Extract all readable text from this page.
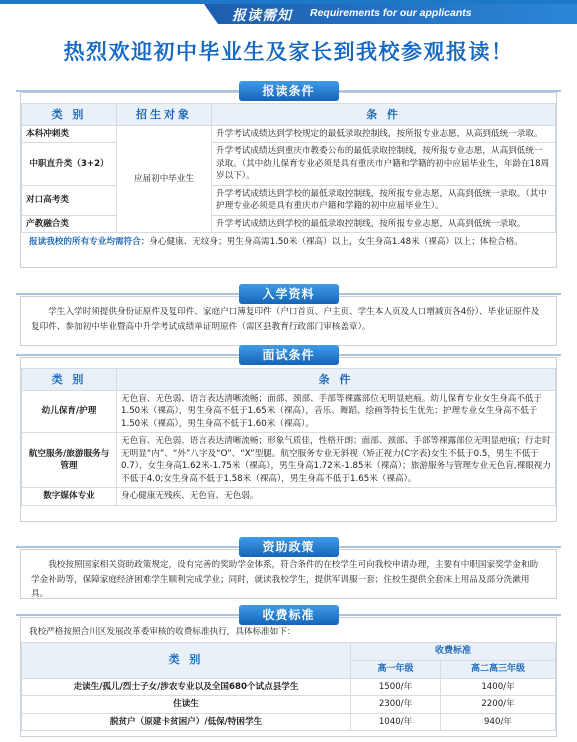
报读需知 Requirements for our applicants
热烈欢迎初中毕业生及家长到我校参观报读！
报读条件
类 别	招生对象	条 件
本科冲刺类	应届初中毕业生	升学考试成绩达到学校规定的最低录取控制线，按所报专业志愿，从高到低统一录取。
中职直升类（3+2）		升学考试成绩达到重庆市教委公布的最低录取控制线，按所报专业志愿，从高到低统一录取。（其中幼儿保育专业必须是具有重庆市户籍和学籍的初中应届毕业生，年龄在18周岁以下）。
对口高考类		升学考试成绩达到学校的最低录取控制线，按所报专业志愿，从高到低统一录取。（其中护理专业必须是具有重庆市户籍和学籍的初中应届毕业生）。
产教融合类		升学考试成绩达到学校的最低录取控制线，按所报专业志愿，从高到低统一录取。
报读我校的所有专业均需符合：身心健康、无纹身；男生身高需1.50米（裸高）以上，女生身高1.48米（裸高）以上；体检合格。
入学资料
学生入学时须提供身份证原件及复印件、家庭户口簿复印件（户口首页、户主页、学生本人页及人口增减页各4份）、毕业证原件及复印件、参加初中毕业暨高中升学考试成绩单证明原件（需区县教育行政部门审核盖章）。
面试条件
类 别	条 件
幼儿保育/护理	无色盲、无色弱、语言表达清晰流畅；面部、颈部、手部等裸露部位无明显疤痕。幼儿保育专业女生身高不低于1.50米（裸高），男生身高不低于1.65米（裸高），音乐、舞蹈、绘画等特长生优先；护理专业女生身高不低于1.50米（裸高），男生身高不低于1.60米（裸高）。
航空服务/旅游服务与管理	无色盲、无色弱、语言表达清晰流畅；形象气质佳，性格开朗；面部、颈部、手部等裸露部位无明显疤痕；行走时无明显“内”、“外”八字及“O”、“X”型腿。航空服务专业无斜视（矫正视力(C字表)女生不低于0.5，男生不低于0.7），女生身高1.62米-1.75米（裸高），男生身高1.72米-1.85米（裸高）；旅游服务与管理专业无色盲,裸眼视力不低于4.0;女生身高不低于1.58米（裸高），男生身高不低于1.65米（裸高）。
数字媒体专业	身心健康无残疾、无色盲、无色弱。
资助政策
我校按照国家相关资助政策规定，设有完善的奖助学金体系，符合条件的在校学生可向我校申请办理，主要有中职国家奖学金和助学金补助等，保障家庭经济困难学生顺利完成学业；同时，就读我校学生，提供军训服一套；住校生提供全套床上用品及部分洗漱用具。
收费标准
我校严格按照合川区发展改革委审核的收费标准执行，具体标准如下：
类 别	收费标准	
	高一年级	高二高三年级
走读生/孤儿/烈士子女/涉农专业以及全国680个试点县学生	1500/年	1400/年
住读生	2300/年	2200/年
脱贫户（原建卡贫困户）/低保/特困学生	1040/年	940/年
